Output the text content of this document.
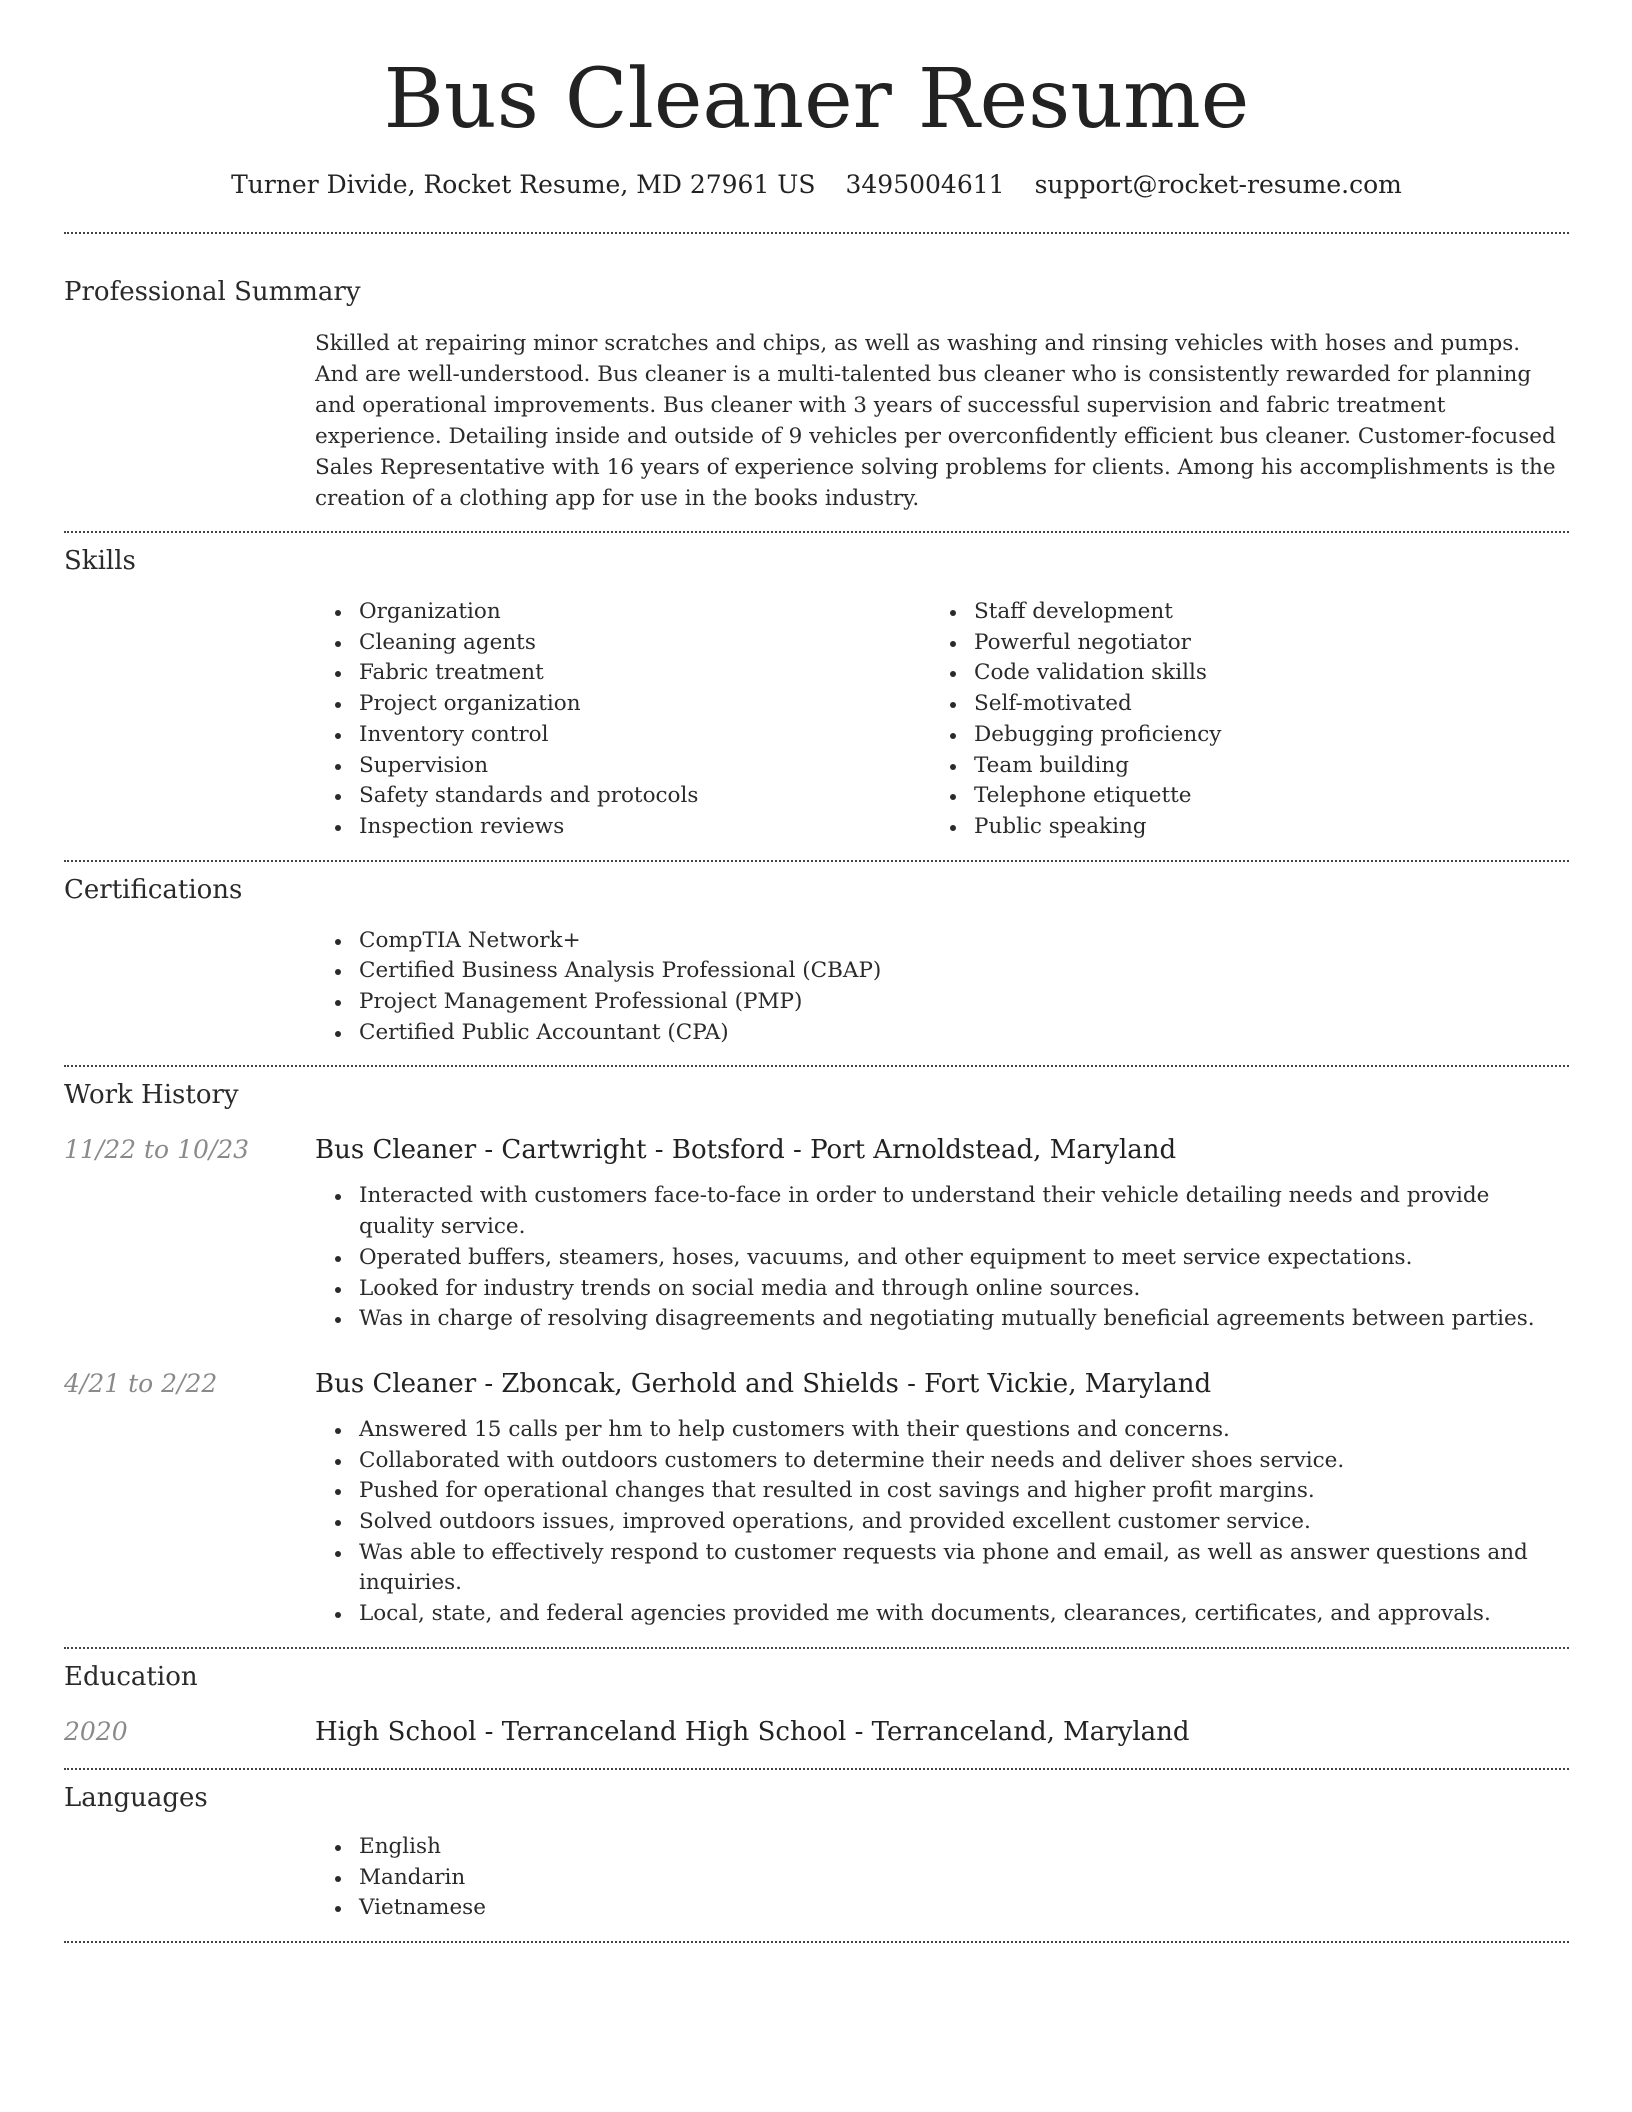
Bus Cleaner Resume
Turner Divide, Rocket Resume, MD 27961 US 3495004611 support@rocket-resume.com
Professional Summary
Skilled at repairing minor scratches and chips, as well as washing and rinsing vehicles with hoses and pumps. And are well-understood. Bus cleaner is a multi-talented bus cleaner who is consistently rewarded for planning and operational improvements. Bus cleaner with 3 years of successful supervision and fabric treatment experience. Detailing inside and outside of 9 vehicles per overconfidently efficient bus cleaner. Customer-focused Sales Representative with 16 years of experience solving problems for clients. Among his accomplishments is the creation of a clothing app for use in the books industry.
Skills
Organization
Cleaning agents
Fabric treatment
Project organization
Inventory control
Supervision
Safety standards and protocols
Inspection reviews
Staff development
Powerful negotiator
Code validation skills
Self-motivated
Debugging proficiency
Team building
Telephone etiquette
Public speaking
Certifications
CompTIA Network+
Certified Business Analysis Professional (CBAP)
Project Management Professional (PMP)
Certified Public Accountant (CPA)
Work History
11/22 to 10/23	Bus Cleaner - Cartwright - Botsford - Port Arnoldstead, Maryland
Interacted with customers face-to-face in order to understand their vehicle detailing needs and provide quality service.
Operated buffers, steamers, hoses, vacuums, and other equipment to meet service expectations.
Looked for industry trends on social media and through online sources.
Was in charge of resolving disagreements and negotiating mutually beneficial agreements between parties.
4/21 to 2/22	Bus Cleaner - Zboncak, Gerhold and Shields - Fort Vickie, Maryland
Answered 15 calls per hm to help customers with their questions and concerns.
Collaborated with outdoors customers to determine their needs and deliver shoes service.
Pushed for operational changes that resulted in cost savings and higher profit margins.
Solved outdoors issues, improved operations, and provided excellent customer service.
Was able to effectively respond to customer requests via phone and email, as well as answer questions and inquiries.
Local, state, and federal agencies provided me with documents, clearances, certificates, and approvals.
Education
2020	High School - Terranceland High School - Terranceland, Maryland
Languages
English
Mandarin
Vietnamese
